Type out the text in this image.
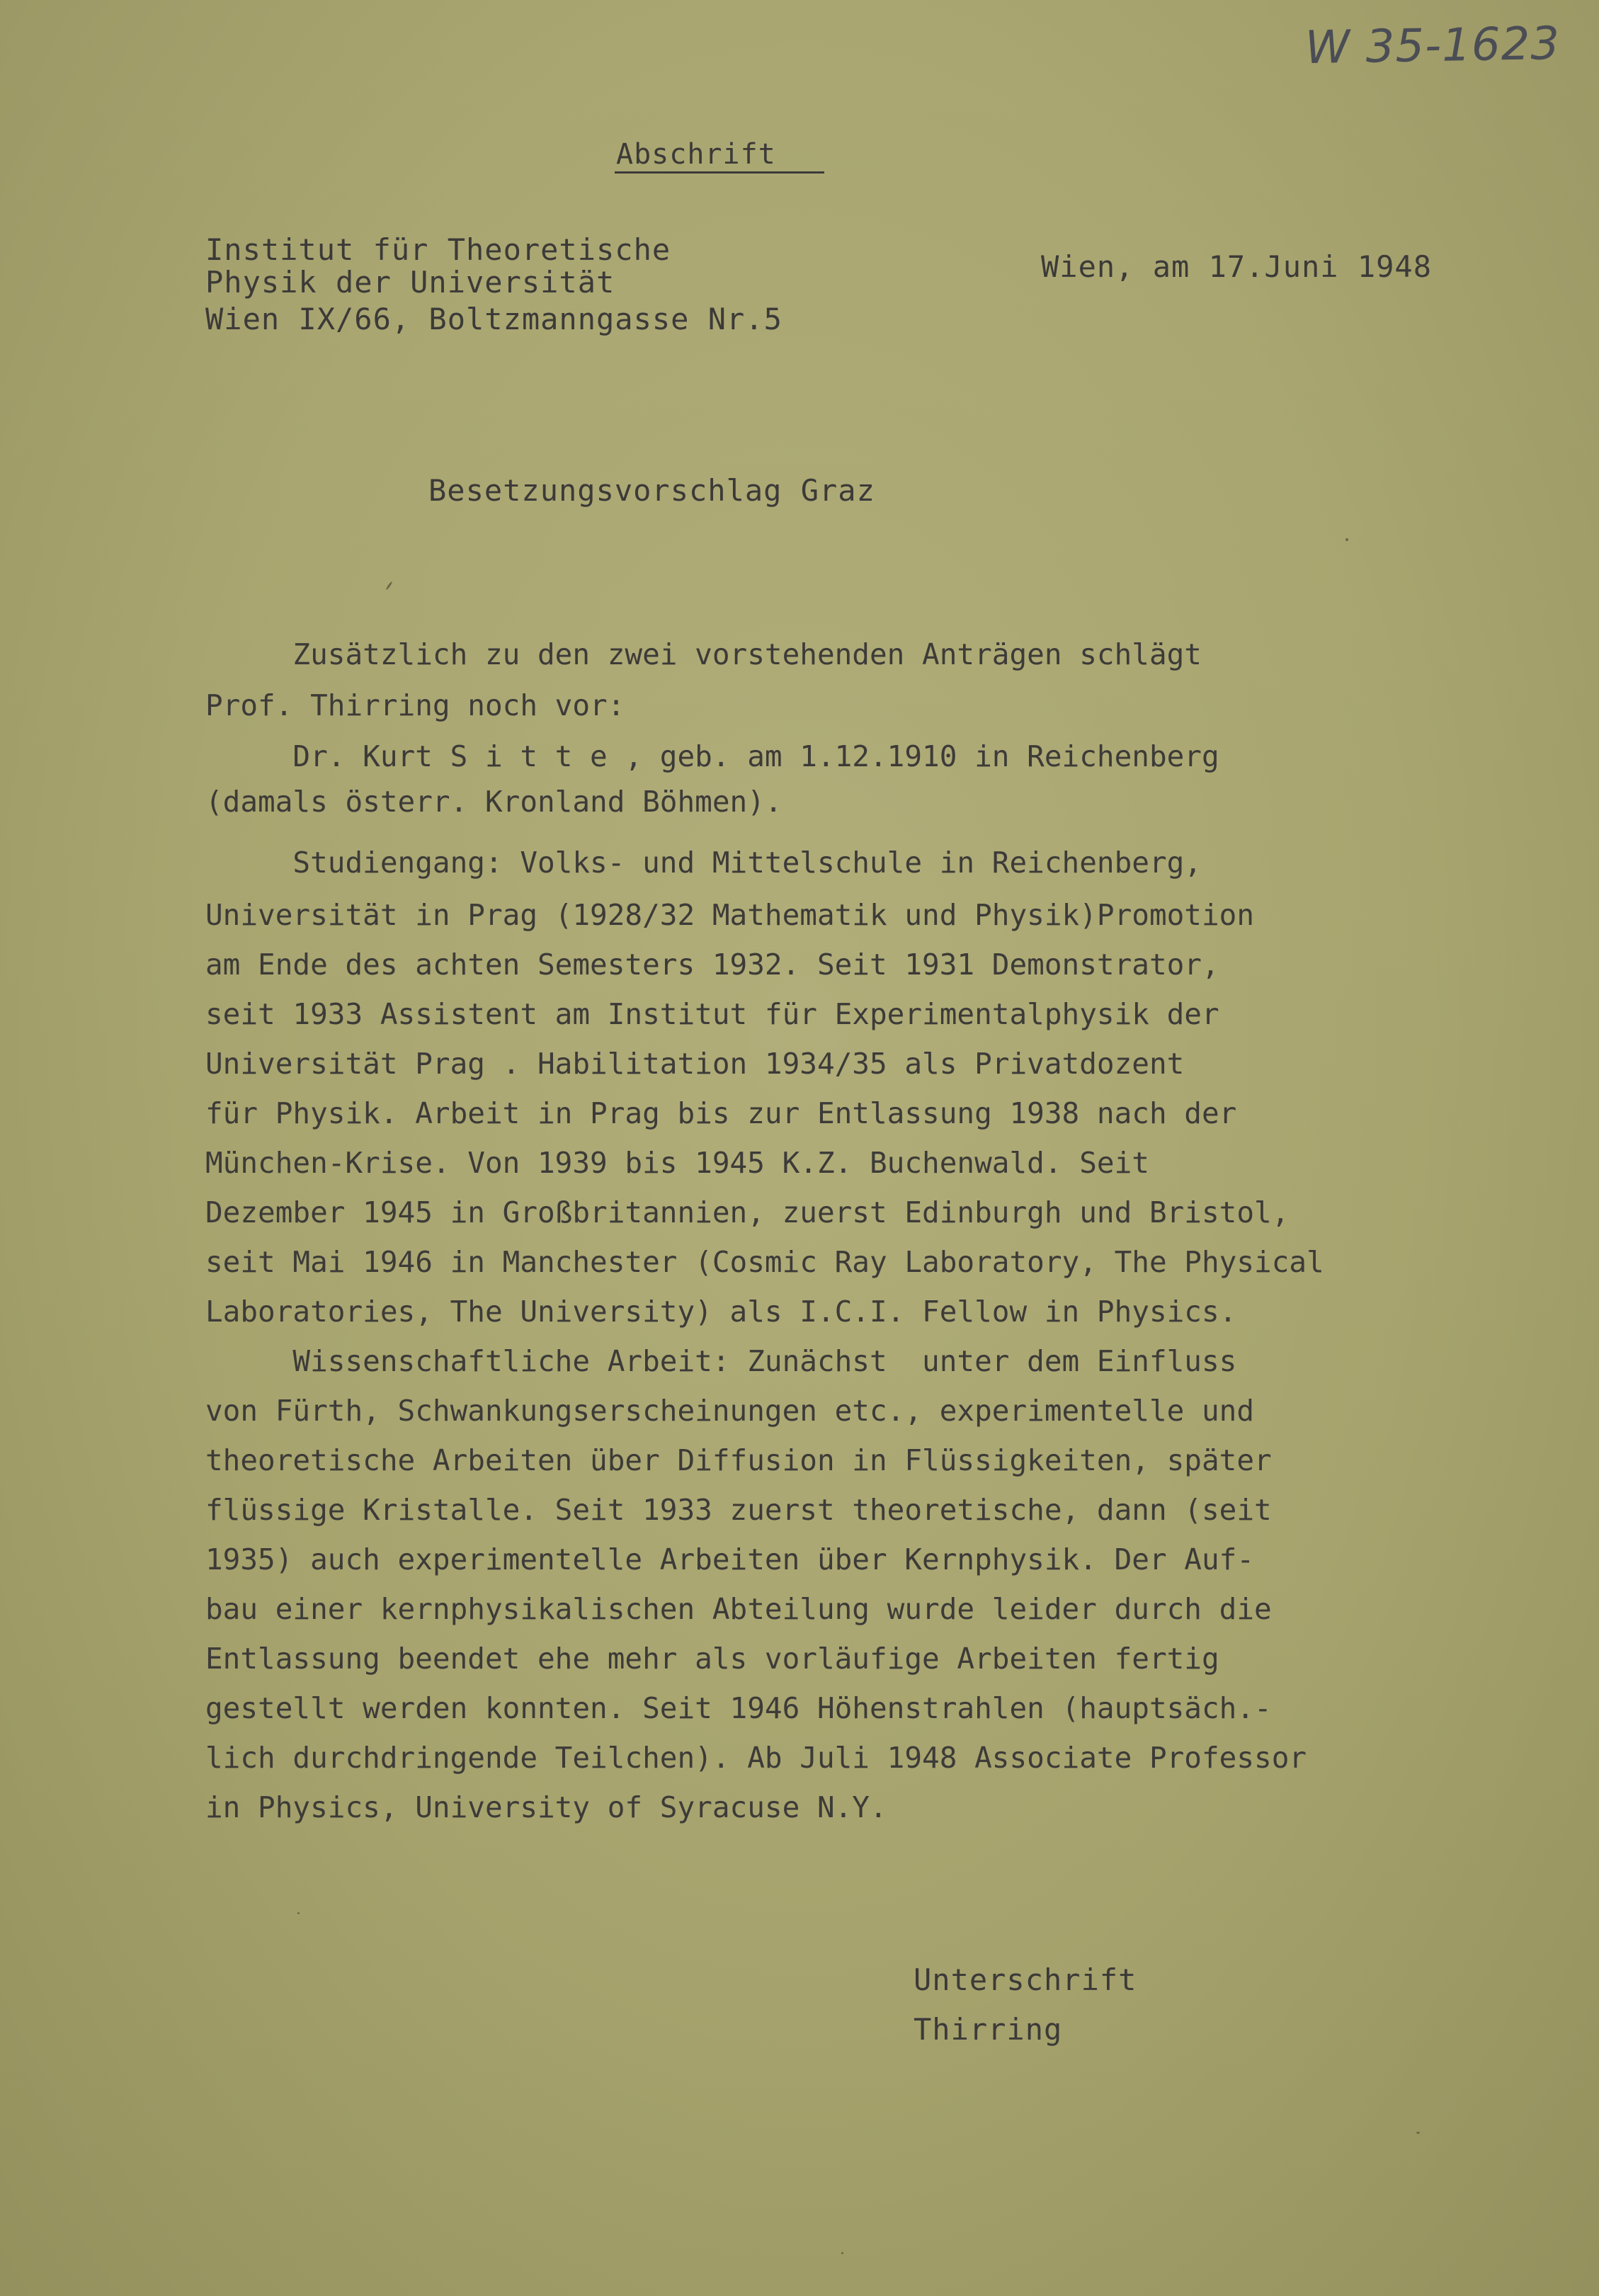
W 35-1623
Abschrift
Institut für Theoretische
Physik der Universität
Wien IX/66, Boltzmanngasse Nr.5
Wien, am 17.Juni 1948
Besetzungsvorschlag Graz
Zusätzlich zu den zwei vorstehenden Anträgen schlägt
Prof. Thirring noch vor:
Dr. Kurt S i t t e , geb. am 1.12.1910 in Reichenberg
(damals österr. Kronland Böhmen).
Studiengang: Volks- und Mittelschule in Reichenberg,
Universität in Prag (1928/32 Mathematik und Physik)Promotion
am Ende des achten Semesters 1932. Seit 1931 Demonstrator,
seit 1933 Assistent am Institut für Experimentalphysik der
Universität Prag . Habilitation 1934/35 als Privatdozent
für Physik. Arbeit in Prag bis zur Entlassung 1938 nach der
München-Krise. Von 1939 bis 1945 K.Z. Buchenwald. Seit
Dezember 1945 in Großbritannien, zuerst Edinburgh und Bristol,
seit Mai 1946 in Manchester (Cosmic Ray Laboratory, The Physical
Laboratories, The University) als I.C.I. Fellow in Physics.
Wissenschaftliche Arbeit: Zunächst  unter dem Einfluss
von Fürth, Schwankungserscheinungen etc., experimentelle und
theoretische Arbeiten über Diffusion in Flüssigkeiten, später
flüssige Kristalle. Seit 1933 zuerst theoretische, dann (seit
1935) auch experimentelle Arbeiten über Kernphysik. Der Auf-
bau einer kernphysikalischen Abteilung wurde leider durch die
Entlassung beendet ehe mehr als vorläufige Arbeiten fertig
gestellt werden konnten. Seit 1946 Höhenstrahlen (hauptsäch.-
lich durchdringende Teilchen). Ab Juli 1948 Associate Professor
in Physics, University of Syracuse N.Y.
Unterschrift
Thirring
